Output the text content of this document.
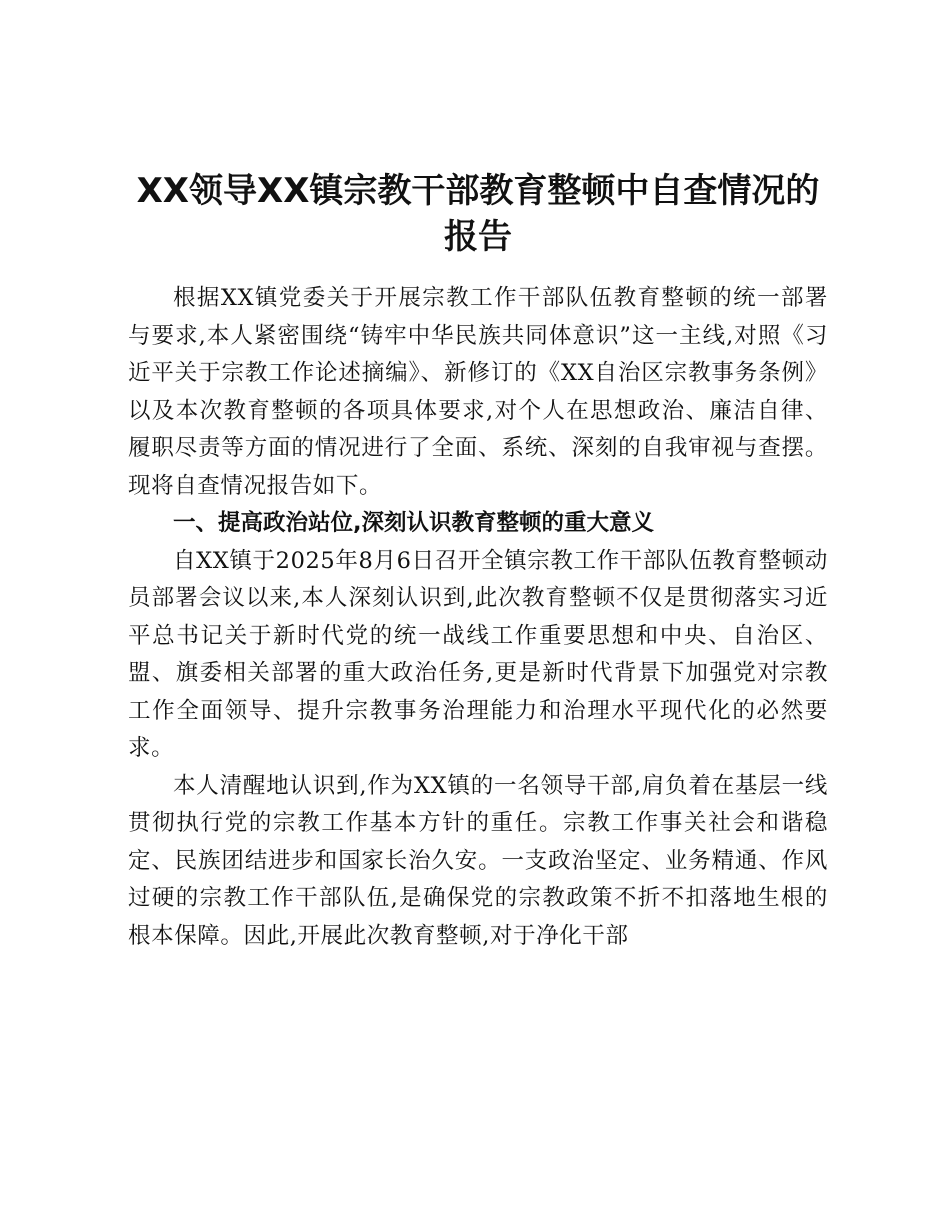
XX领导XX镇宗教干部教育整顿中自查情况的
报告

根据XX镇党委关于开展宗教工作干部队伍教育整顿的统一部署与要求,本人紧密围绕“铸牢中华民族共同体意识”这一主线,对照《习近平关于宗教工作论述摘编》、新修订的《XX自治区宗教事务条例》以及本次教育整顿的各项具体要求,对个人在思想政治、廉洁自律、履职尽责等方面的情况进行了全面、系统、深刻的自我审视与查摆。现将自查情况报告如下。

一、提高政治站位,深刻认识教育整顿的重大意义

自XX镇于2025年8月6日召开全镇宗教工作干部队伍教育整顿动员部署会议以来,本人深刻认识到,此次教育整顿不仅是贯彻落实习近平总书记关于新时代党的统一战线工作重要思想和中央、自治区、盟、旗委相关部署的重大政治任务,更是新时代背景下加强党对宗教工作全面领导、提升宗教事务治理能力和治理水平现代化的必然要求。

本人清醒地认识到,作为XX镇的一名领导干部,肩负着在基层一线贯彻执行党的宗教工作基本方针的重任。宗教工作事关社会和谐稳定、民族团结进步和国家长治久安。一支政治坚定、业务精通、作风过硬的宗教工作干部队伍,是确保党的宗教政策不折不扣落地生根的根本保障。因此,开展此次教育整顿,对于净化干部
